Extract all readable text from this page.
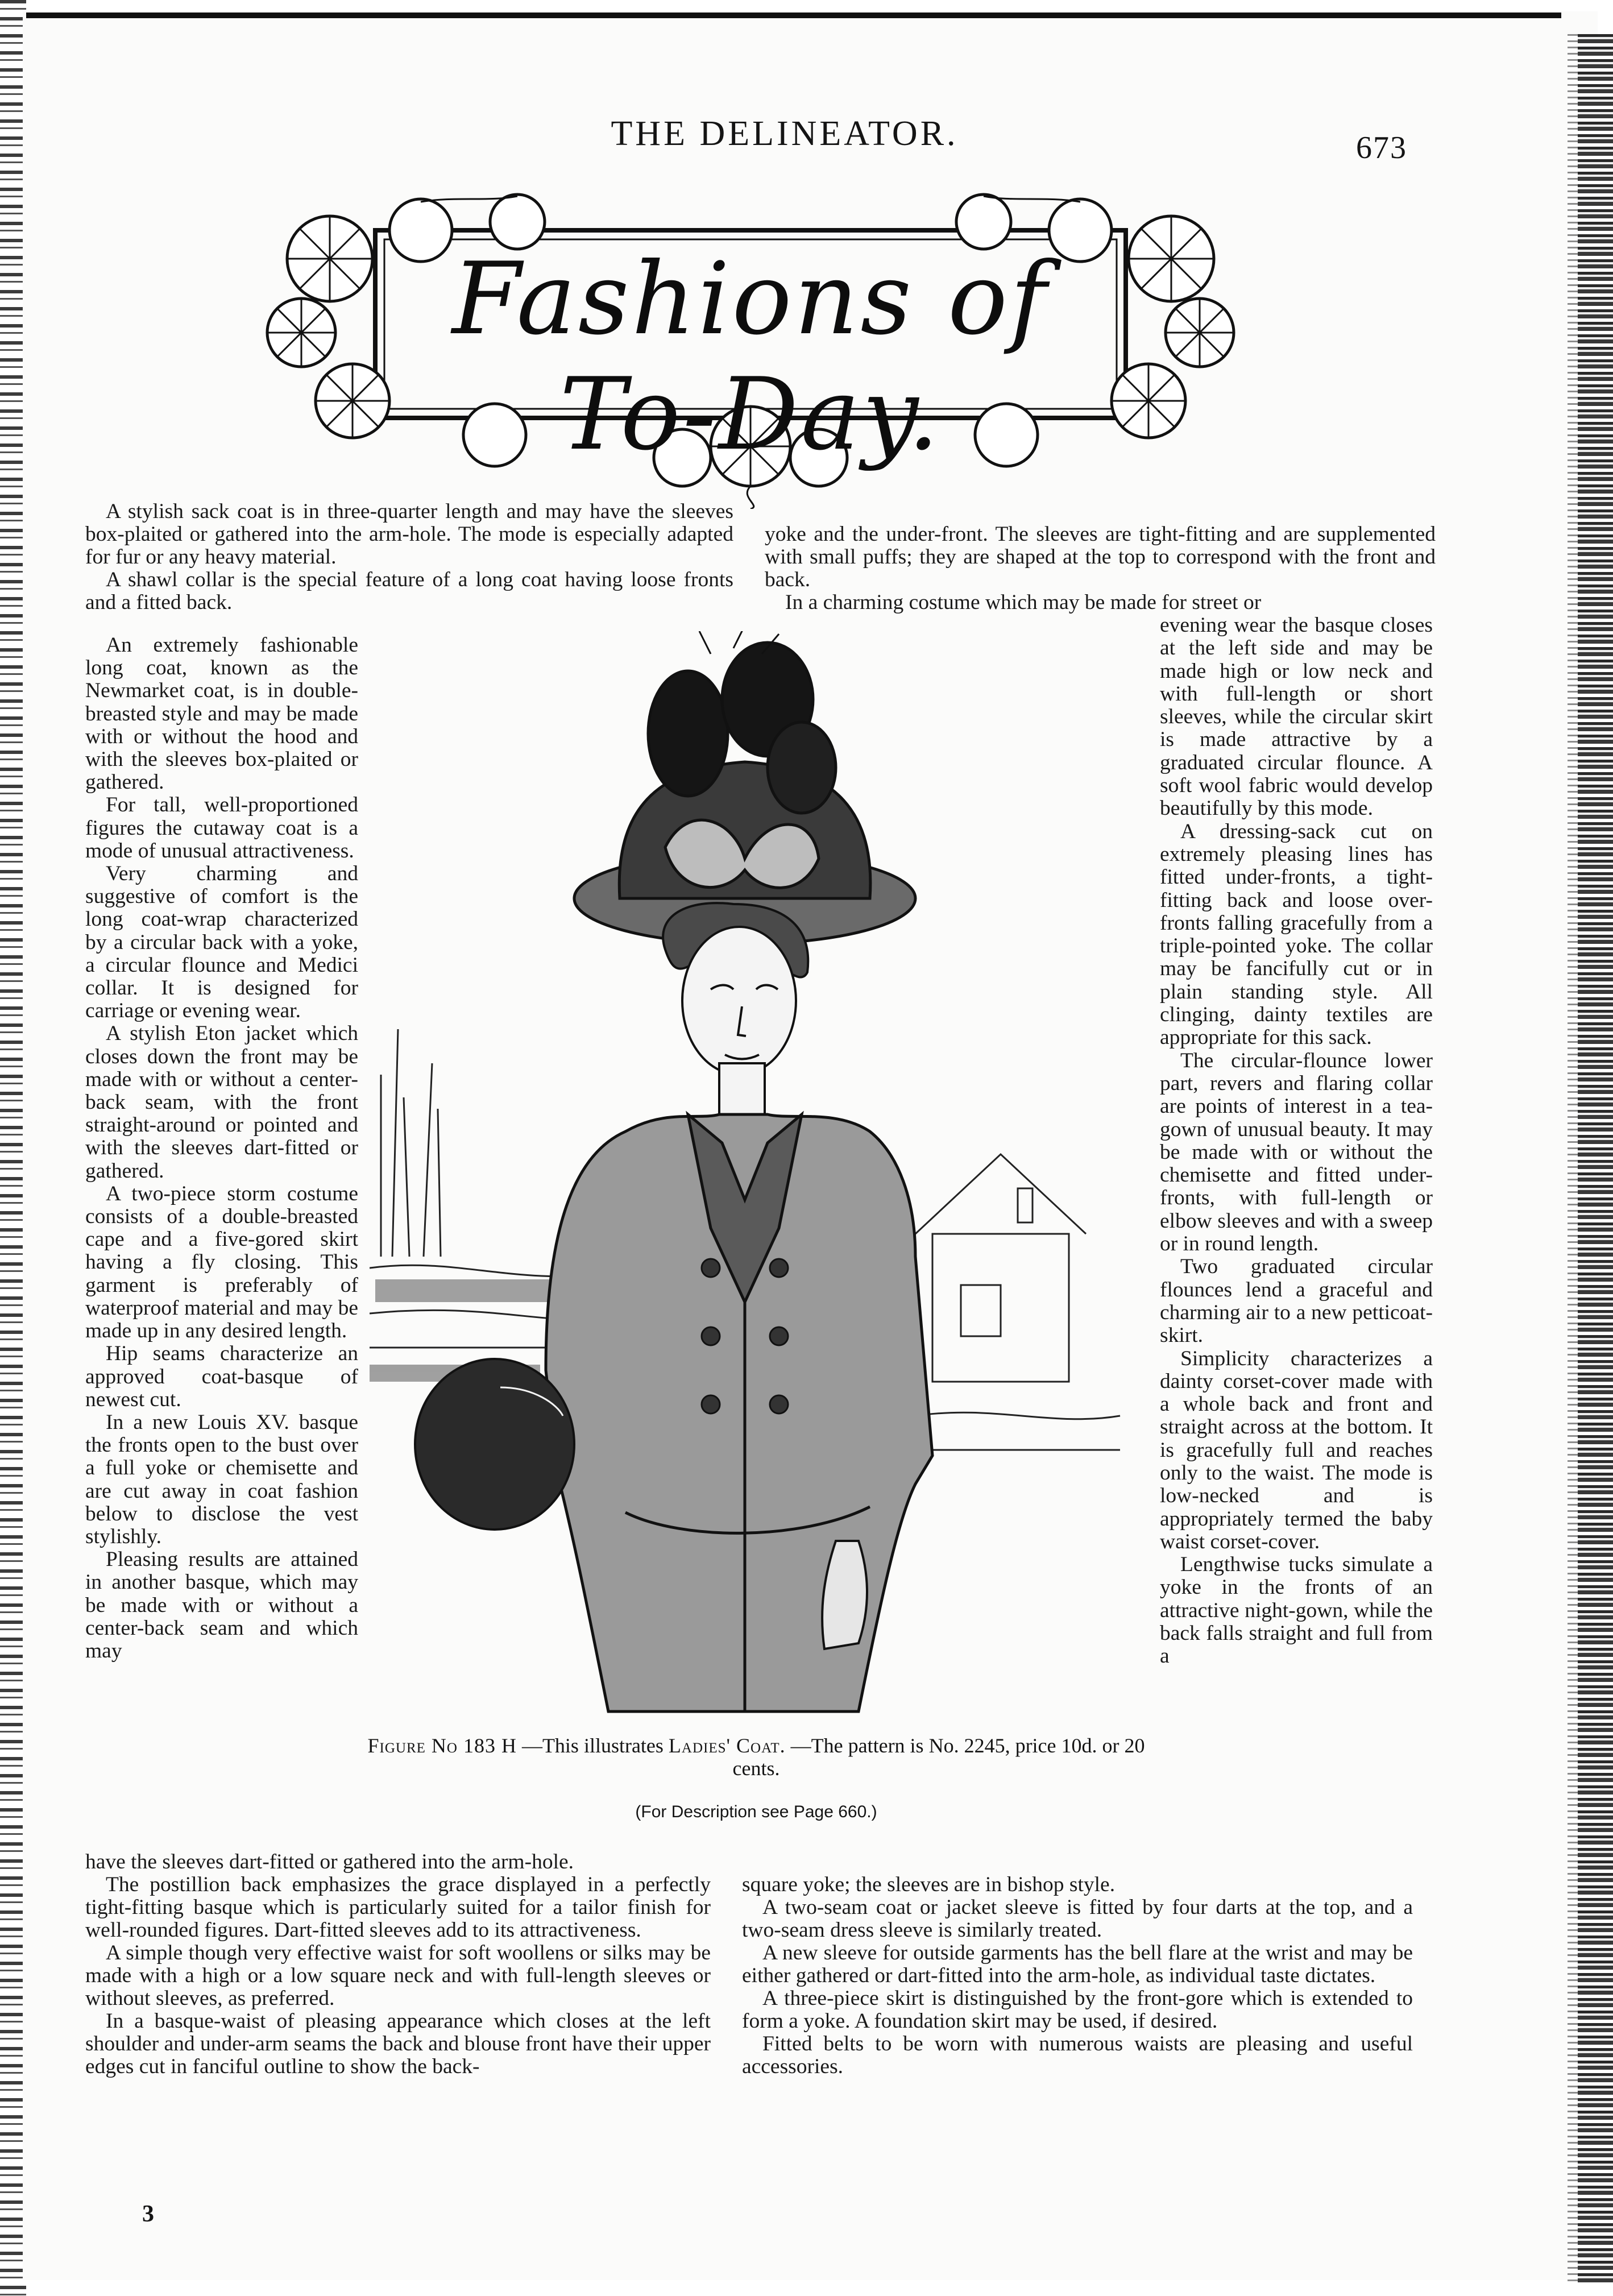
THE DELINEATOR.	673
Fashions of To-Day.

A stylish sack coat is in three-quarter length and may have the sleeves box-plaited or gathered into the arm-hole. The mode is especially adapted for fur or any heavy material.

A shawl collar is the special feature of a long coat having loose fronts and a fitted back.

An extremely fashionable long coat, known as the Newmarket coat, is in double-breasted style and may be made with or without the hood and with the sleeves box-plaited or gathered.

For tall, well-proportioned figures the cutaway coat is a mode of unusual attractiveness.

Very charming and suggestive of comfort is the long coat-wrap characterized by a circular back with a yoke, a circular flounce and Medici collar. It is designed for carriage or evening wear.

A stylish Eton jacket which closes down the front may be made with or without a center-back seam, with the front straight-around or pointed and with the sleeves dart-fitted or gathered.

A two-piece storm costume consists of a double-breasted cape and a five-gored skirt having a fly closing. This garment is preferably of waterproof material and may be made up in any desired length.

Hip seams characterize an approved coat-basque of newest cut.

In a new Louis XV. basque the fronts open to the bust over a full yoke or chemisette and are cut away in coat fashion below to disclose the vest stylishly.

Pleasing results are attained in another basque, which may be made with or without a center-back seam and which may

have the sleeves dart-fitted or gathered into the arm-hole.

The postillion back emphasizes the grace displayed in a perfectly tight-fitting basque which is particularly suited for a tailor finish for well-rounded figures. Dart-fitted sleeves add to its attractiveness.

A simple though very effective waist for soft woollens or silks may be made with a high or a low square neck and with full-length sleeves or without sleeves, as preferred.

In a basque-waist of pleasing appearance which closes at the left shoulder and under-arm seams the back and blouse front have their upper edges cut in fanciful outline to show the back-

yoke and the under-front. The sleeves are tight-fitting and are supplemented with small puffs; they are shaped at the top to correspond with the front and back.

In a charming costume which may be made for street or

evening wear the basque closes at the left side and may be made high or low neck and with full-length or short sleeves, while the circular skirt is made attractive by a graduated circular flounce. A soft wool fabric would develop beautifully by this mode.

A dressing-sack cut on extremely pleasing lines has fitted under-fronts, a tight-fitting back and loose over-fronts falling gracefully from a triple-pointed yoke. The collar may be fancifully cut or in plain standing style. All clinging, dainty textiles are appropriate for this sack.

The circular-flounce lower part, revers and flaring collar are points of interest in a tea-gown of unusual beauty. It may be made with or without the chemisette and fitted under-fronts, with full-length or elbow sleeves and with a sweep or in round length.

Two graduated circular flounces lend a graceful and charming air to a new petticoat-skirt.

Simplicity characterizes a dainty corset-cover made with a whole back and front and straight across at the bottom. It is gracefully full and reaches only to the waist. The mode is low-necked and is appropriately termed the baby waist corset-cover.

Lengthwise tucks simulate a yoke in the fronts of an attractive night-gown, while the back falls straight and full from a

square yoke; the sleeves are in bishop style.

A two-seam coat or jacket sleeve is fitted by four darts at the top, and a two-seam dress sleeve is similarly treated.

A new sleeve for outside garments has the bell flare at the wrist and may be either gathered or dart-fitted into the arm-hole, as individual taste dictates.

A three-piece skirt is distinguished by the front-gore which is extended to form a yoke. A foundation skirt may be used, if desired.

Fitted belts to be worn with numerous waists are pleasing and useful accessories.

Figure No 183 H —This illustrates Ladies' Coat. —The pattern is No. 2245, price 10d. or 20 cents.
(For Description see Page 660.)
3
